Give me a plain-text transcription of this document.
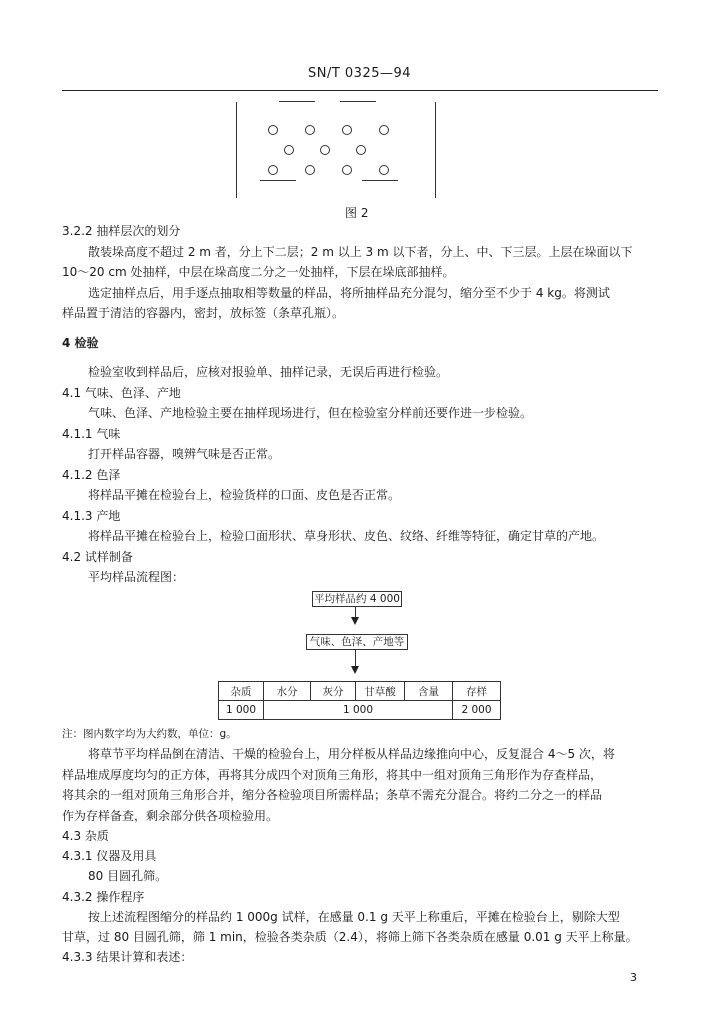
SN/T 0325—94
图 2
3.2.2 抽样层次的划分
散装垛高度不超过 2 m 者，分上下二层；2 m 以上 3 m 以下者，分上、中、下三层。上层在垛面以下
10～20 cm 处抽样，中层在垛高度二分之一处抽样，下层在垛底部抽样。
选定抽样点后，用手逐点抽取相等数量的样品，将所抽样品充分混匀，缩分至不少于 4 kg。将测试
样品置于清洁的容器内，密封，放标签（条草孔瓶）。
4 检验
检验室收到样品后，应核对报验单、抽样记录，无误后再进行检验。
4.1 气味、色泽、产地
气味、色泽、产地检验主要在抽样现场进行，但在检验室分样前还要作进一步检验。
4.1.1 气味
打开样品容器，嗅辨气味是否正常。
4.1.2 色泽
将样品平摊在检验台上，检验货样的口面、皮色是否正常。
4.1.3 产地
将样品平摊在检验台上，检验口面形状、草身形状、皮色、纹络、纤维等特征，确定甘草的产地。
4.2 试样制备
平均样品流程图：
平均样品约 4 000
气味、色泽、产地等
杂质	水分	灰分	甘草酸	含量	存样
1 000	1 000				2 000
注：图内数字均为大约数，单位：g。
将草节平均样品倒在清洁、干燥的检验台上，用分样板从样品边缘推向中心，反复混合 4～5 次，将
样品堆成厚度均匀的正方体，再将其分成四个对顶角三角形，将其中一组对顶角三角形作为存查样品，
将其余的一组对顶角三角形合并，缩分各检验项目所需样品；条草不需充分混合。将约二分之一的样品
作为存样备查，剩余部分供各项检验用。
4.3 杂质
4.3.1 仪器及用具
80 目圆孔筛。
4.3.2 操作程序
按上述流程图缩分的样品约 1 000g 试样，在感量 0.1 g 天平上称重后，平摊在检验台上，剔除大型
甘草，过 80 目圆孔筛，筛 1 min，检验各类杂质（2.4），将筛上筛下各类杂质在感量 0.01 g 天平上称量。
4.3.3 结果计算和表述：
3
